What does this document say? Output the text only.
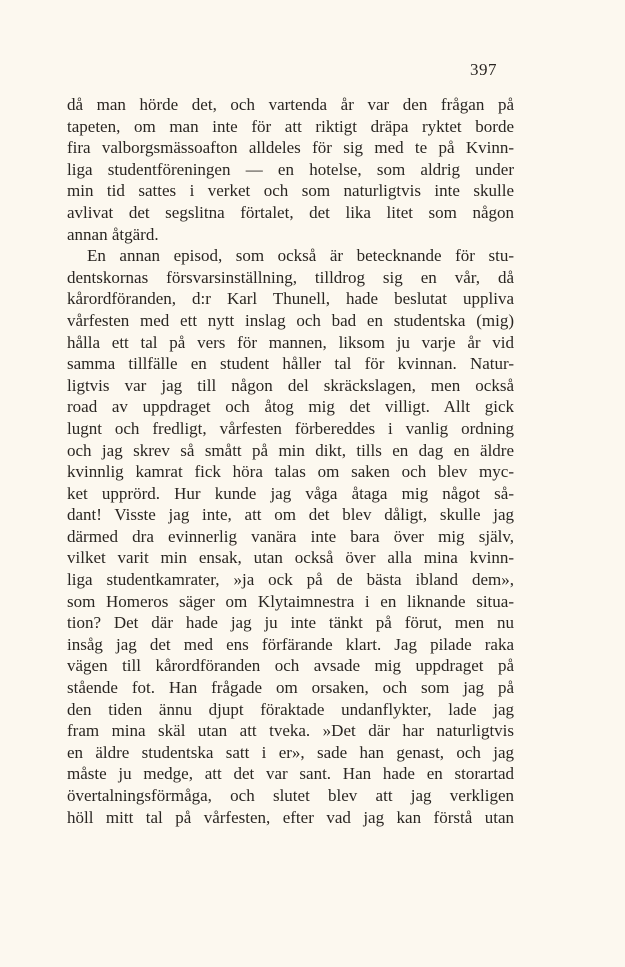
397
då man hörde det, och vartenda år var den frågan på
tapeten, om man inte för att riktigt dräpa ryktet borde
fira valborgsmässoafton alldeles för sig med te på Kvinn-
liga studentföreningen — en hotelse, som aldrig under
min tid sattes i verket och som naturligtvis inte skulle
avlivat det segslitna förtalet, det lika litet som någon
annan åtgärd.
En annan episod, som också är betecknande för stu-
dentskornas försvarsinställning, tilldrog sig en vår, då
kårordföranden, d:r Karl Thunell, hade beslutat uppliva
vårfesten med ett nytt inslag och bad en studentska (mig)
hålla ett tal på vers för mannen, liksom ju varje år vid
samma tillfälle en student håller tal för kvinnan. Natur-
ligtvis var jag till någon del skräckslagen, men också
road av uppdraget och åtog mig det villigt. Allt gick
lugnt och fredligt, vårfesten förbereddes i vanlig ordning
och jag skrev så smått på min dikt, tills en dag en äldre
kvinnlig kamrat fick höra talas om saken och blev myc-
ket upprörd. Hur kunde jag våga åtaga mig något så-
dant! Visste jag inte, att om det blev dåligt, skulle jag
därmed dra evinnerlig vanära inte bara över mig själv,
vilket varit min ensak, utan också över alla mina kvinn-
liga studentkamrater, »ja ock på de bästa ibland dem»,
som Homeros säger om Klytaimnestra i en liknande situa-
tion? Det där hade jag ju inte tänkt på förut, men nu
insåg jag det med ens förfärande klart. Jag pilade raka
vägen till kårordföranden och avsade mig uppdraget på
stående fot. Han frågade om orsaken, och som jag på
den tiden ännu djupt föraktade undanflykter, lade jag
fram mina skäl utan att tveka. »Det där har naturligtvis
en äldre studentska satt i er», sade han genast, och jag
måste ju medge, att det var sant. Han hade en storartad
övertalningsförmåga, och slutet blev att jag verkligen
höll mitt tal på vårfesten, efter vad jag kan förstå utan
